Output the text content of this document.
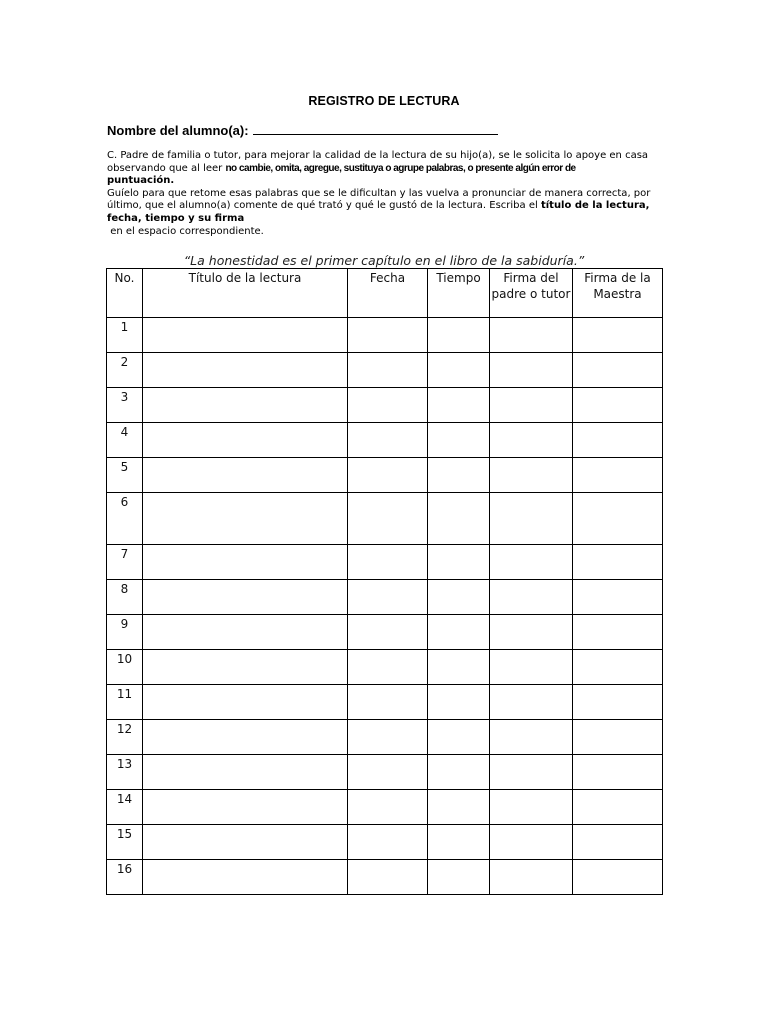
REGISTRO DE LECTURA
Nombre del alumno(a):
C. Padre de familia o tutor, para mejorar la calidad de la lectura de su hijo(a), se le solicita lo apoye en casa observando que al leer no cambie, omita, agregue, sustituya o agrupe palabras, o presente algún error de
puntuación.
Guíelo para que retome esas palabras que se le dificultan y las vuelva a pronunciar de manera correcta, por último, que el alumno(a) comente de qué trató y qué le gustó de la lectura. Escriba el título de la lectura, fecha, tiempo y su firma
en el espacio correspondiente.
“La honestidad es el primer capítulo en el libro de la sabiduría.”
No.	Título de la lectura	Fecha	Tiempo	Firma del padre o tutor	Firma de la Maestra
1					
2					
3					
4					
5					
6					
7					
8					
9					
10					
11					
12					
13					
14					
15					
16					
